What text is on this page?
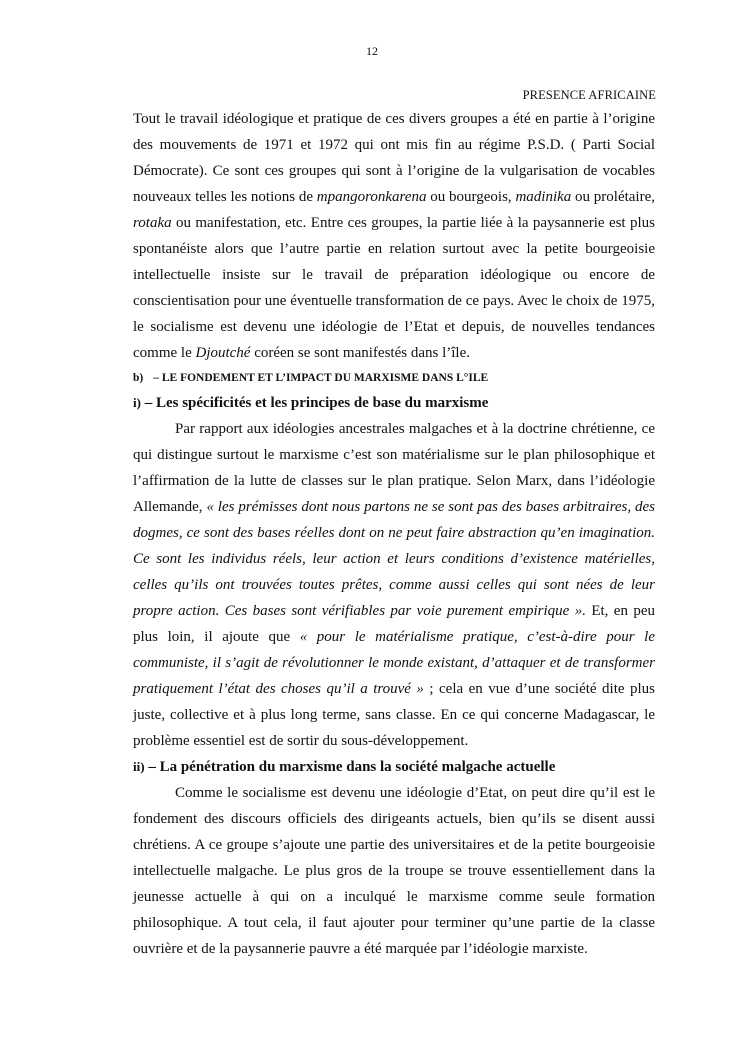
12
PRESENCE AFRICAINE

Tout le travail idéologique et pratique de ces divers groupes a été en partie à l’origine des mouvements de 1971 et 1972 qui ont mis fin au régime P.S.D. ( Parti Social Démocrate). Ce sont ces groupes qui sont à l’origine de la vulgarisation de vocables nouveaux telles les notions de mpangoronkarena ou bourgeois, madinika ou prolétaire, rotaka ou manifestation, etc. Entre ces groupes, la partie liée à la paysannerie est plus spontanéiste alors que l’autre partie en relation surtout avec la petite bourgeoisie intellectuelle insiste sur le travail de préparation idéologique ou encore de conscientisation pour une éventuelle transformation de ce pays. Avec le choix de 1975, le socialisme est devenu une idéologie de l’Etat et depuis, de nouvelles tendances comme le Djoutché coréen se sont manifestés dans l’île.

b) – LE FONDEMENT ET L’IMPACT DU MARXISME DANS L°ILE
i) – Les spécificités et les principes de base du marxisme

Par rapport aux idéologies ancestrales malgaches et à la doctrine chrétienne, ce qui distingue surtout le marxisme c’est son matérialisme sur le plan philosophique et l’affirmation de la lutte de classes sur le plan pratique. Selon Marx, dans l’idéologie Allemande, « les prémisses dont nous partons ne se sont pas des bases arbitraires, des dogmes, ce sont des bases réelles dont on ne peut faire abstraction qu’en imagination. Ce sont les individus réels, leur action et leurs conditions d’existence matérielles, celles qu’ils ont trouvées toutes prêtes, comme aussi celles qui sont nées de leur propre action. Ces bases sont vérifiables par voie purement empirique ». Et, en peu plus loin, il ajoute que « pour le matérialisme pratique, c’est-à-dire pour le communiste, il s’agit de révolutionner le monde existant, d’attaquer et de transformer pratiquement l’état des choses qu’il a trouvé » ; cela en vue d’une société dite plus juste, collective et à plus long terme, sans classe. En ce qui concerne Madagascar, le problème essentiel est de sortir du sous-développement.

ii) – La pénétration du marxisme dans la société malgache actuelle

Comme le socialisme est devenu une idéologie d’Etat, on peut dire qu’il est le fondement des discours officiels des dirigeants actuels, bien qu’ils se disent aussi chrétiens. A ce groupe s’ajoute une partie des universitaires et de la petite bourgeoisie intellectuelle malgache. Le plus gros de la troupe se trouve essentiellement dans la jeunesse actuelle à qui on a inculqué le marxisme comme seule formation philosophique. A tout cela, il faut ajouter pour terminer qu’une partie de la classe ouvrière et de la paysannerie pauvre a été marquée par l’idéologie marxiste.
